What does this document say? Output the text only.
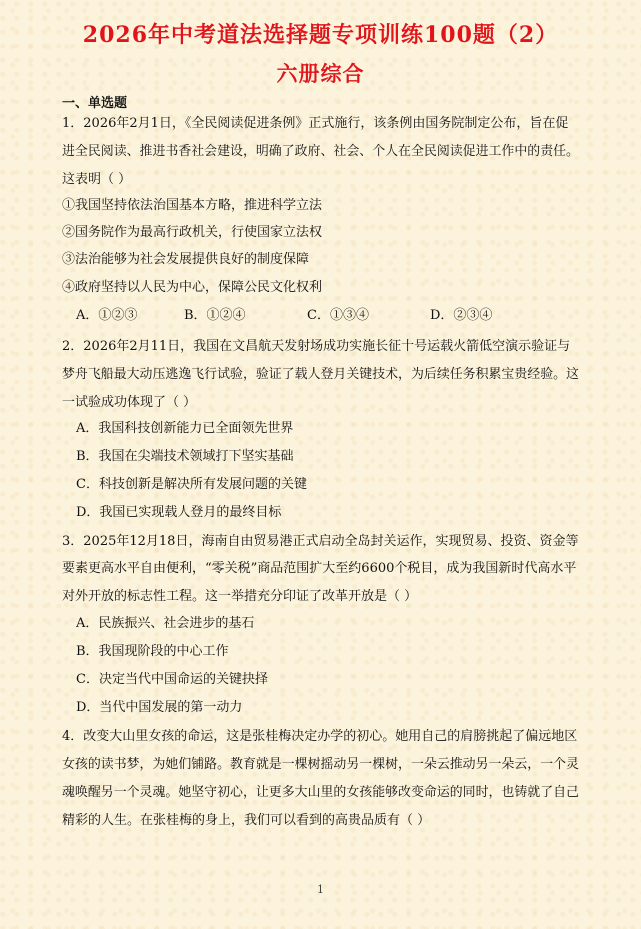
2026年中考道法选择题专项训练100题（2）
六册综合
一、单选题
1．2026年2月1日，《全民阅读促进条例》正式施行，该条例由国务院制定公布，旨在促
进全民阅读、推进书香社会建设，明确了政府、社会、个人在全民阅读促进工作中的责任。
这表明（ ）
①我国坚持依法治国基本方略，推进科学立法
②国务院作为最高行政机关，行使国家立法权
③法治能够为社会发展提供良好的制度保障
④政府坚持以人民为中心，保障公民文化权利
A．①②③	B．①②④	C．①③④	D．②③④
2．2026年2月11日，我国在文昌航天发射场成功实施长征十号运载火箭低空演示验证与
梦舟飞船最大动压逃逸飞行试验，验证了载人登月关键技术，为后续任务积累宝贵经验。这
一试验成功体现了（ ）
A．我国科技创新能力已全面领先世界
B．我国在尖端技术领域打下坚实基础
C．科技创新是解决所有发展问题的关键
D．我国已实现载人登月的最终目标
3．2025年12月18日，海南自由贸易港正式启动全岛封关运作，实现贸易、投资、资金等
要素更高水平自由便利，“零关税”商品范围扩大至约6600个税目，成为我国新时代高水平
对外开放的标志性工程。这一举措充分印证了改革开放是（ ）
A．民族振兴、社会进步的基石
B．我国现阶段的中心工作
C．决定当代中国命运的关键抉择
D．当代中国发展的第一动力
4．改变大山里女孩的命运，这是张桂梅决定办学的初心。她用自己的肩膀挑起了偏远地区
女孩的读书梦，为她们铺路。教育就是一棵树摇动另一棵树，一朵云推动另一朵云，一个灵
魂唤醒另一个灵魂。她坚守初心，让更多大山里的女孩能够改变命运的同时，也铸就了自己
精彩的人生。在张桂梅的身上，我们可以看到的高贵品质有（ ）
1
